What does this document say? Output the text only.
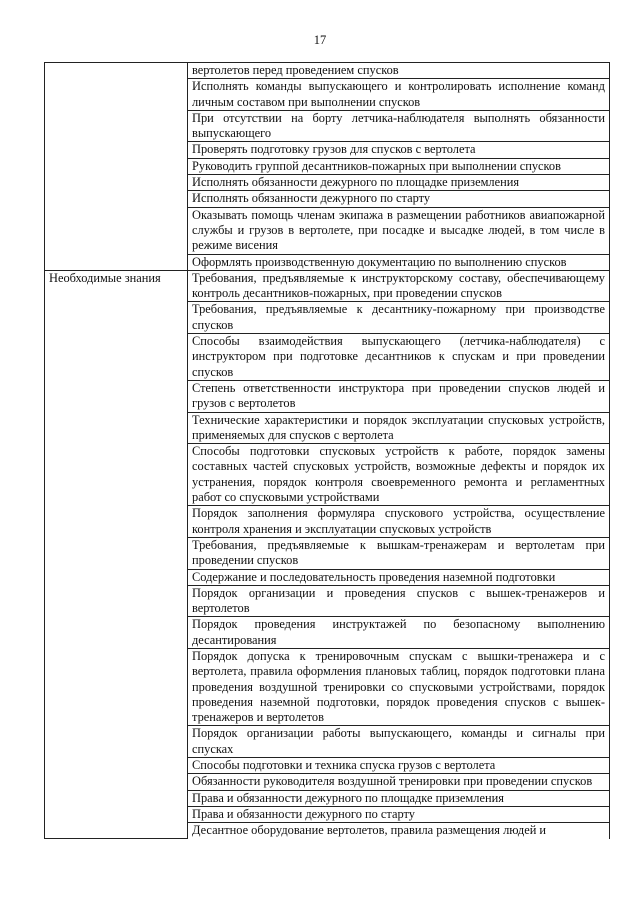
17
	вертолетов перед проведением спусков
	Исполнять команды выпускающего и контролировать исполнение команд личным составом при выполнении спусков
	При отсутствии на борту летчика-наблюдателя выполнять обязанности выпускающего
	Проверять подготовку грузов для спусков с вертолета
	Руководить группой десантников-пожарных при выполнении спусков
	Исполнять обязанности дежурного по площадке приземления
	Исполнять обязанности дежурного по старту
	Оказывать помощь членам экипажа в размещении работников авиапожарной службы и грузов в вертолете, при посадке и высадке людей, в том числе в режиме висения
	Оформлять производственную документацию по выполнению спусков
Необходимые знания	Требования, предъявляемые к инструкторскому составу, обеспечивающему контроль десантников-пожарных, при проведении спусков
	Требования, предъявляемые к десантнику-пожарному при производстве спусков
	Способы взаимодействия выпускающего (летчика-наблюдателя) с инструктором при подготовке десантников к спускам и при проведении спусков
	Степень ответственности инструктора при проведении спусков людей и грузов с вертолетов
	Технические характеристики и порядок эксплуатации спусковых устройств, применяемых для спусков с вертолета
	Способы подготовки спусковых устройств к работе, порядок замены составных частей спусковых устройств, возможные дефекты и порядок их устранения, порядок контроля своевременного ремонта и регламентных работ со спусковыми устройствами
	Порядок заполнения формуляра спускового устройства, осуществление контроля хранения и эксплуатации спусковых устройств
	Требования, предъявляемые к вышкам-тренажерам и вертолетам при проведении спусков
	Содержание и последовательность проведения наземной подготовки
	Порядок организации и проведения спусков с вышек-тренажеров и вертолетов
	Порядок проведения инструктажей по безопасному выполнению десантирования
	Порядок допуска к тренировочным спускам с вышки-тренажера и с вертолета, правила оформления плановых таблиц, порядок подготовки плана проведения воздушной тренировки со спусковыми устройствами, порядок проведения наземной подготовки, порядок проведения спусков с вышек-тренажеров и вертолетов
	Порядок организации работы выпускающего, команды и сигналы при спусках
	Способы подготовки и техника спуска грузов с вертолета
	Обязанности руководителя воздушной тренировки при проведении спусков
	Права и обязанности дежурного по площадке приземления
	Права и обязанности дежурного по старту
	Десантное оборудование вертолетов, правила размещения людей и
